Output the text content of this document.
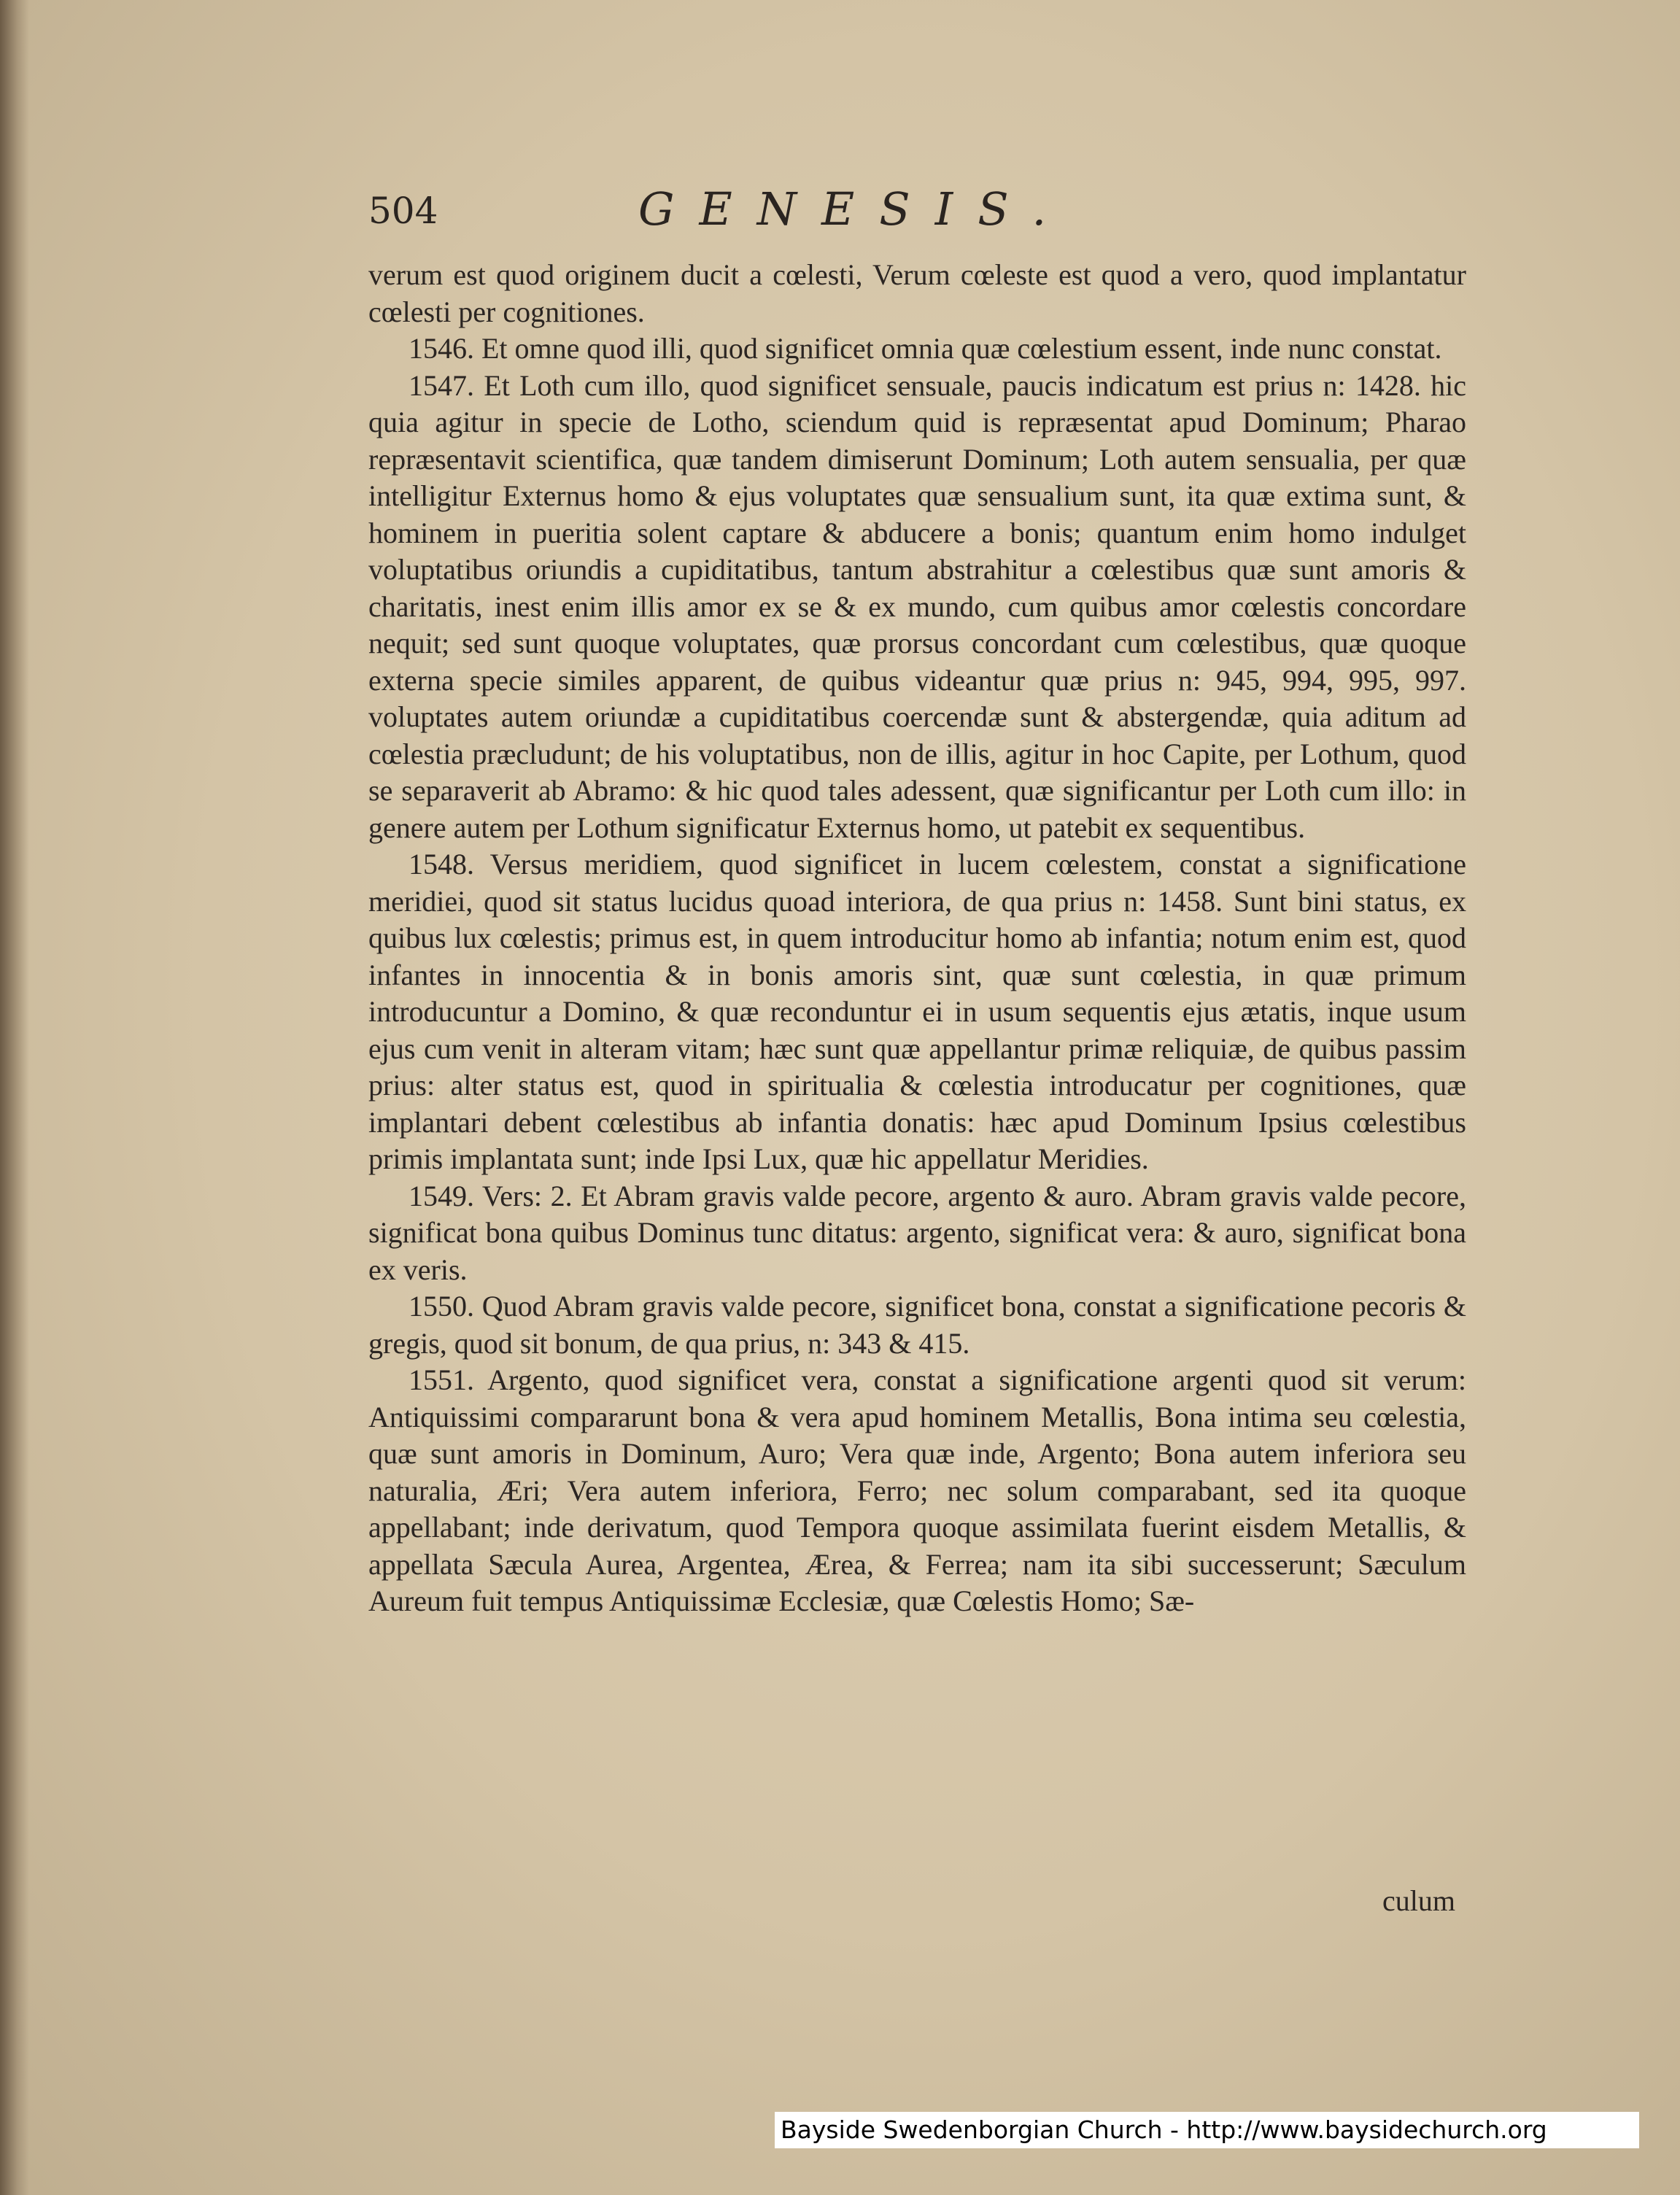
504	GENESIS.

verum est quod originem ducit a cœlesti, Verum cœleste est quod a vero, quod implantatur cœlesti per cognitiones.

1546. Et omne quod illi, quod significet omnia quæ cœlestium essent, inde nunc constat.

1547. Et Loth cum illo, quod significet sensuale, paucis indicatum est prius n: 1428. hic quia agitur in specie de Lotho, sciendum quid is repræsentat apud Dominum; Pharao repræsentavit scientifica, quæ tandem dimiserunt Dominum; Loth autem sensualia, per quæ intelligitur Externus homo & ejus voluptates quæ sensualium sunt, ita quæ extima sunt, & hominem in pueritia solent captare & abducere a bonis; quantum enim homo indulget voluptatibus oriundis a cupiditatibus, tantum abstrahitur a cœlestibus quæ sunt amoris & charitatis, inest enim illis amor ex se & ex mundo, cum quibus amor cœlestis concordare nequit; sed sunt quoque voluptates, quæ prorsus concordant cum cœlestibus, quæ quoque externa specie similes apparent, de quibus videantur quæ prius n: 945, 994, 995, 997. voluptates autem oriundæ a cupiditatibus coercendæ sunt & abstergendæ, quia aditum ad cœlestia præcludunt; de his voluptatibus, non de illis, agitur in hoc Capite, per Lothum, quod se separaverit ab Abramo: & hic quod tales adessent, quæ significantur per Loth cum illo: in genere autem per Lothum significatur Externus homo, ut patebit ex sequentibus.

1548. Versus meridiem, quod significet in lucem cœlestem, constat a significatione meridiei, quod sit status lucidus quoad interiora, de qua prius n: 1458. Sunt bini status, ex quibus lux cœlestis; primus est, in quem introducitur homo ab infantia; notum enim est, quod infantes in innocentia & in bonis amoris sint, quæ sunt cœlestia, in quæ primum introducuntur a Domino, & quæ reconduntur ei in usum sequentis ejus ætatis, inque usum ejus cum venit in alteram vitam; hæc sunt quæ appellantur primæ reliquiæ, de quibus passim prius: alter status est, quod in spiritualia & cœlestia introducatur per cognitiones, quæ implantari debent cœlestibus ab infantia donatis: hæc apud Dominum Ipsius cœlestibus primis implantata sunt; inde Ipsi Lux, quæ hic appellatur Meridies.

1549. Vers: 2. Et Abram gravis valde pecore, argento & auro. Abram gravis valde pecore, significat bona quibus Dominus tunc ditatus: argento, significat vera: & auro, significat bona ex veris.

1550. Quod Abram gravis valde pecore, significet bona, constat a significatione pecoris & gregis, quod sit bonum, de qua prius, n: 343 & 415.

1551. Argento, quod significet vera, constat a significatione argenti quod sit verum: Antiquissimi compararunt bona & vera apud hominem Metallis, Bona intima seu cœlestia, quæ sunt amoris in Dominum, Auro; Vera quæ inde, Argento; Bona autem inferiora seu naturalia, Æri; Vera autem inferiora, Ferro; nec solum comparabant, sed ita quoque appellabant; inde derivatum, quod Tempora quoque assimilata fuerint eisdem Metallis, & appellata Sæcula Aurea, Argentea, Ærea, & Ferrea; nam ita sibi successerunt; Sæculum Aureum fuit tempus Antiquissimæ Ecclesiæ, quæ Cœlestis Homo; Sæ-

culum
Bayside Swedenborgian Church - http://www.baysidechurch.org
